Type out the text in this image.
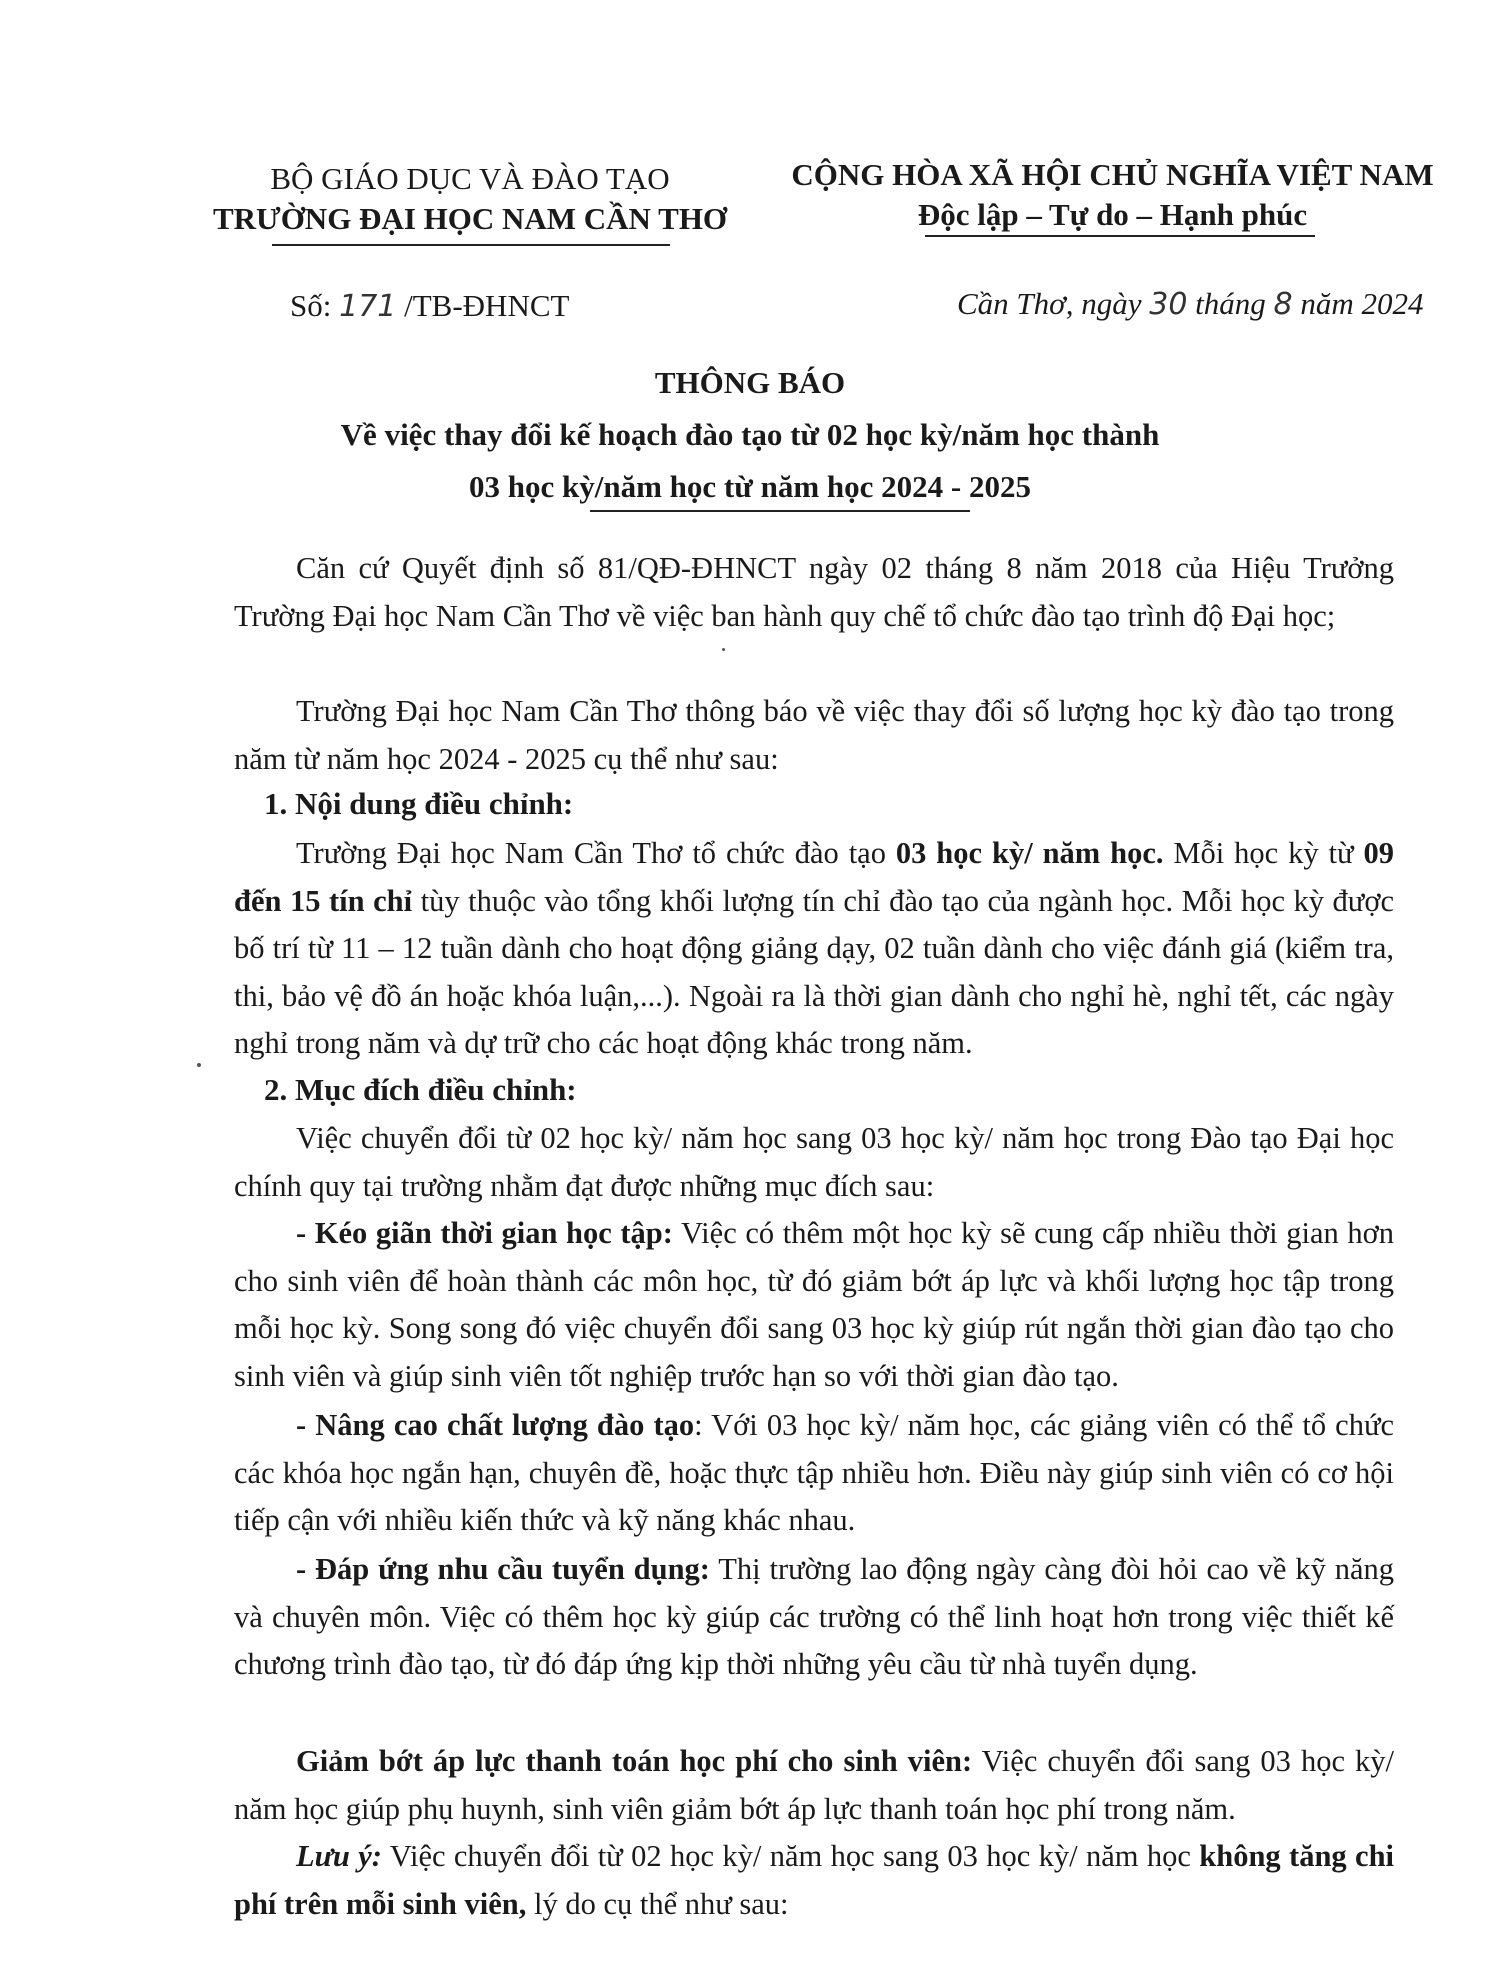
BỘ GIÁO DỤC VÀ ĐÀO TẠO
TRƯỜNG ĐẠI HỌC NAM CẦN THƠ
CỘNG HÒA XÃ HỘI CHỦ NGHĨA VIỆT NAM
Độc lập – Tự do – Hạnh phúc
Số: 171 /TB-ĐHNCT	Cần Thơ, ngày 30 tháng 8 năm 2024
THÔNG BÁO
Về việc thay đổi kế hoạch đào tạo từ 02 học kỳ/năm học thành
03 học kỳ/năm học từ năm học 2024 - 2025
Căn cứ Quyết định số 81/QĐ-ĐHNCT ngày 02 tháng 8 năm 2018 của Hiệu Trưởng Trường Đại học Nam Cần Thơ về việc ban hành quy chế tổ chức đào tạo trình độ Đại học;
Trường Đại học Nam Cần Thơ thông báo về việc thay đổi số lượng học kỳ đào tạo trong năm từ năm học 2024 - 2025 cụ thể như sau:
1. Nội dung điều chỉnh:
Trường Đại học Nam Cần Thơ tổ chức đào tạo 03 học kỳ/ năm học. Mỗi học kỳ từ 09 đến 15 tín chỉ tùy thuộc vào tổng khối lượng tín chỉ đào tạo của ngành học. Mỗi học kỳ được bố trí từ 11 – 12 tuần dành cho hoạt động giảng dạy, 02 tuần dành cho việc đánh giá (kiểm tra, thi, bảo vệ đồ án hoặc khóa luận,...). Ngoài ra là thời gian dành cho nghỉ hè, nghỉ tết, các ngày nghỉ trong năm và dự trữ cho các hoạt động khác trong năm.
2. Mục đích điều chỉnh:
Việc chuyển đổi từ 02 học kỳ/ năm học sang 03 học kỳ/ năm học trong Đào tạo Đại học chính quy tại trường nhằm đạt được những mục đích sau:
- Kéo giãn thời gian học tập: Việc có thêm một học kỳ sẽ cung cấp nhiều thời gian hơn cho sinh viên để hoàn thành các môn học, từ đó giảm bớt áp lực và khối lượng học tập trong mỗi học kỳ. Song song đó việc chuyển đổi sang 03 học kỳ giúp rút ngắn thời gian đào tạo cho sinh viên và giúp sinh viên tốt nghiệp trước hạn so với thời gian đào tạo.
- Nâng cao chất lượng đào tạo: Với 03 học kỳ/ năm học, các giảng viên có thể tổ chức các khóa học ngắn hạn, chuyên đề, hoặc thực tập nhiều hơn. Điều này giúp sinh viên có cơ hội tiếp cận với nhiều kiến thức và kỹ năng khác nhau.
- Đáp ứng nhu cầu tuyển dụng: Thị trường lao động ngày càng đòi hỏi cao về kỹ năng và chuyên môn. Việc có thêm học kỳ giúp các trường có thể linh hoạt hơn trong việc thiết kế chương trình đào tạo, từ đó đáp ứng kịp thời những yêu cầu từ nhà tuyển dụng.
Giảm bớt áp lực thanh toán học phí cho sinh viên: Việc chuyển đổi sang 03 học kỳ/ năm học giúp phụ huynh, sinh viên giảm bớt áp lực thanh toán học phí trong năm.
Lưu ý: Việc chuyển đổi từ 02 học kỳ/ năm học sang 03 học kỳ/ năm học không tăng chi phí trên mỗi sinh viên, lý do cụ thể như sau:
